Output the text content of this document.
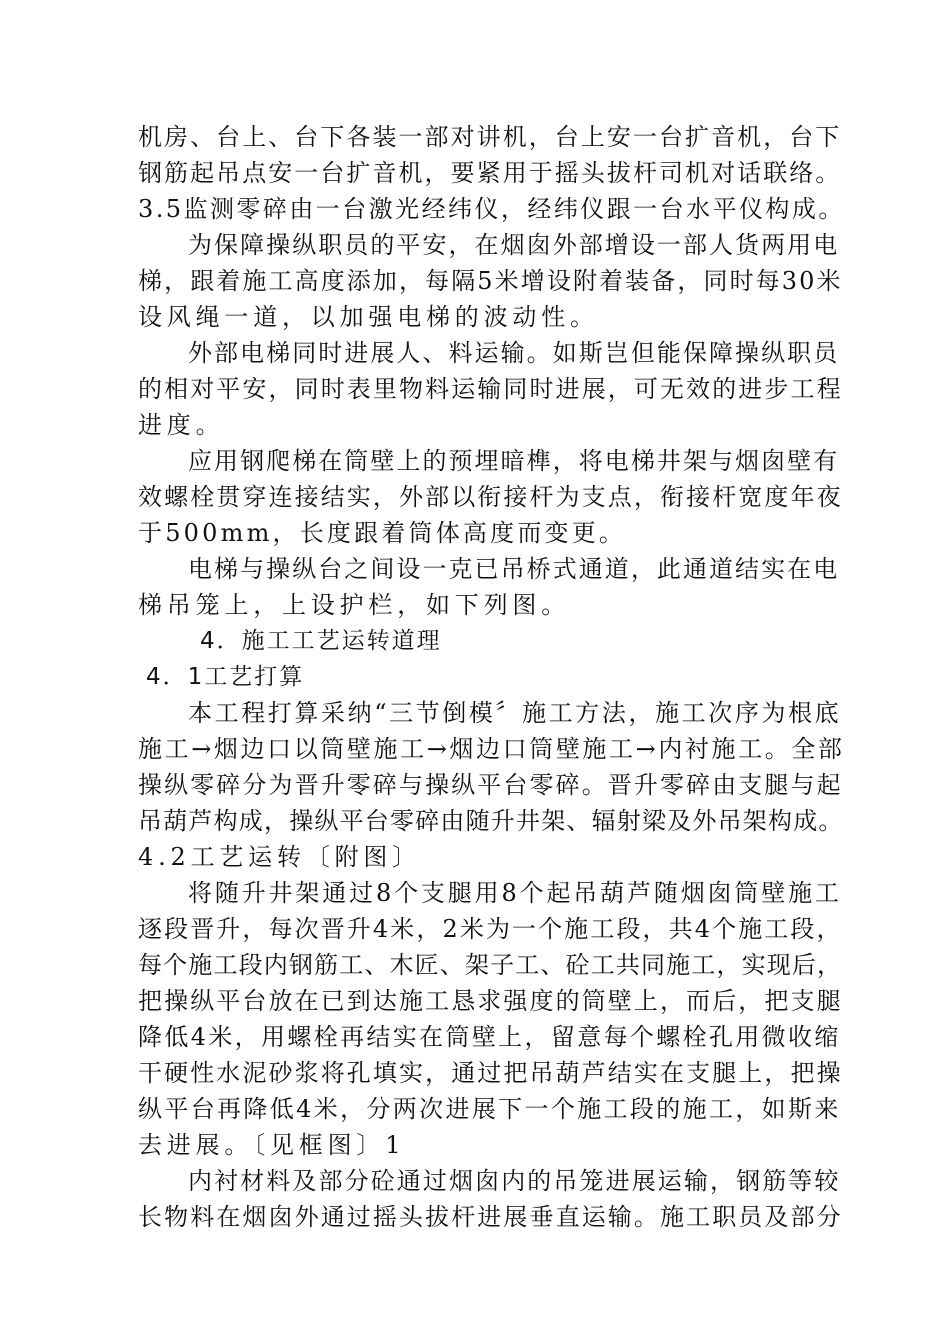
机房、台上、台下各装一部对讲机，台上安一台扩音机，台下

钢筋起吊点安一台扩音机，要紧用于摇头拔杆司机对话联络。

3.5监测零碎由一台激光经纬仪，经纬仪跟一台水平仪构成。

为保障操纵职员的平安，在烟囱外部增设一部人货两用电

梯，跟着施工高度添加，每隔5米增设附着装备，同时每30米

设风绳一道，以加强电梯的波动性。

外部电梯同时进展人、料运输。如斯岂但能保障操纵职员

的相对平安，同时表里物料运输同时进展，可无效的进步工程

进度。

应用钢爬梯在筒壁上的预埋暗榫，将电梯井架与烟囱壁有

效螺栓贯穿连接结实，外部以衔接杆为支点，衔接杆宽度年夜

于500mm，长度跟着筒体高度而变更。

电梯与操纵台之间设一克已吊桥式通道，此通道结实在电

梯吊笼上，上设护栏，如下列图。

4．施工工艺运转道理

4．1工艺打算

本工程打算采纳“三节倒模〞施工方法，施工次序为根底

施工→烟边口以筒壁施工→烟边口筒壁施工→内衬施工。全部

操纵零碎分为晋升零碎与操纵平台零碎。晋升零碎由支腿与起

吊葫芦构成，操纵平台零碎由随升井架、辐射梁及外吊架构成。

4.2工艺运转〔附图〕

将随升井架通过8个支腿用8个起吊葫芦随烟囱筒壁施工

逐段晋升，每次晋升4米，2米为一个施工段，共4个施工段，

每个施工段内钢筋工、木匠、架子工、砼工共同施工，实现后，

把操纵平台放在已到达施工恳求强度的筒壁上，而后，把支腿

降低4米，用螺栓再结实在筒壁上，留意每个螺栓孔用微收缩

干硬性水泥砂浆将孔填实，通过把吊葫芦结实在支腿上，把操

纵平台再降低4米，分两次进展下一个施工段的施工，如斯来

去进展。〔见框图〕1

内衬材料及部分砼通过烟囱内的吊笼进展运输，钢筋等较

长物料在烟囱外通过摇头拔杆进展垂直运输。施工职员及部分
